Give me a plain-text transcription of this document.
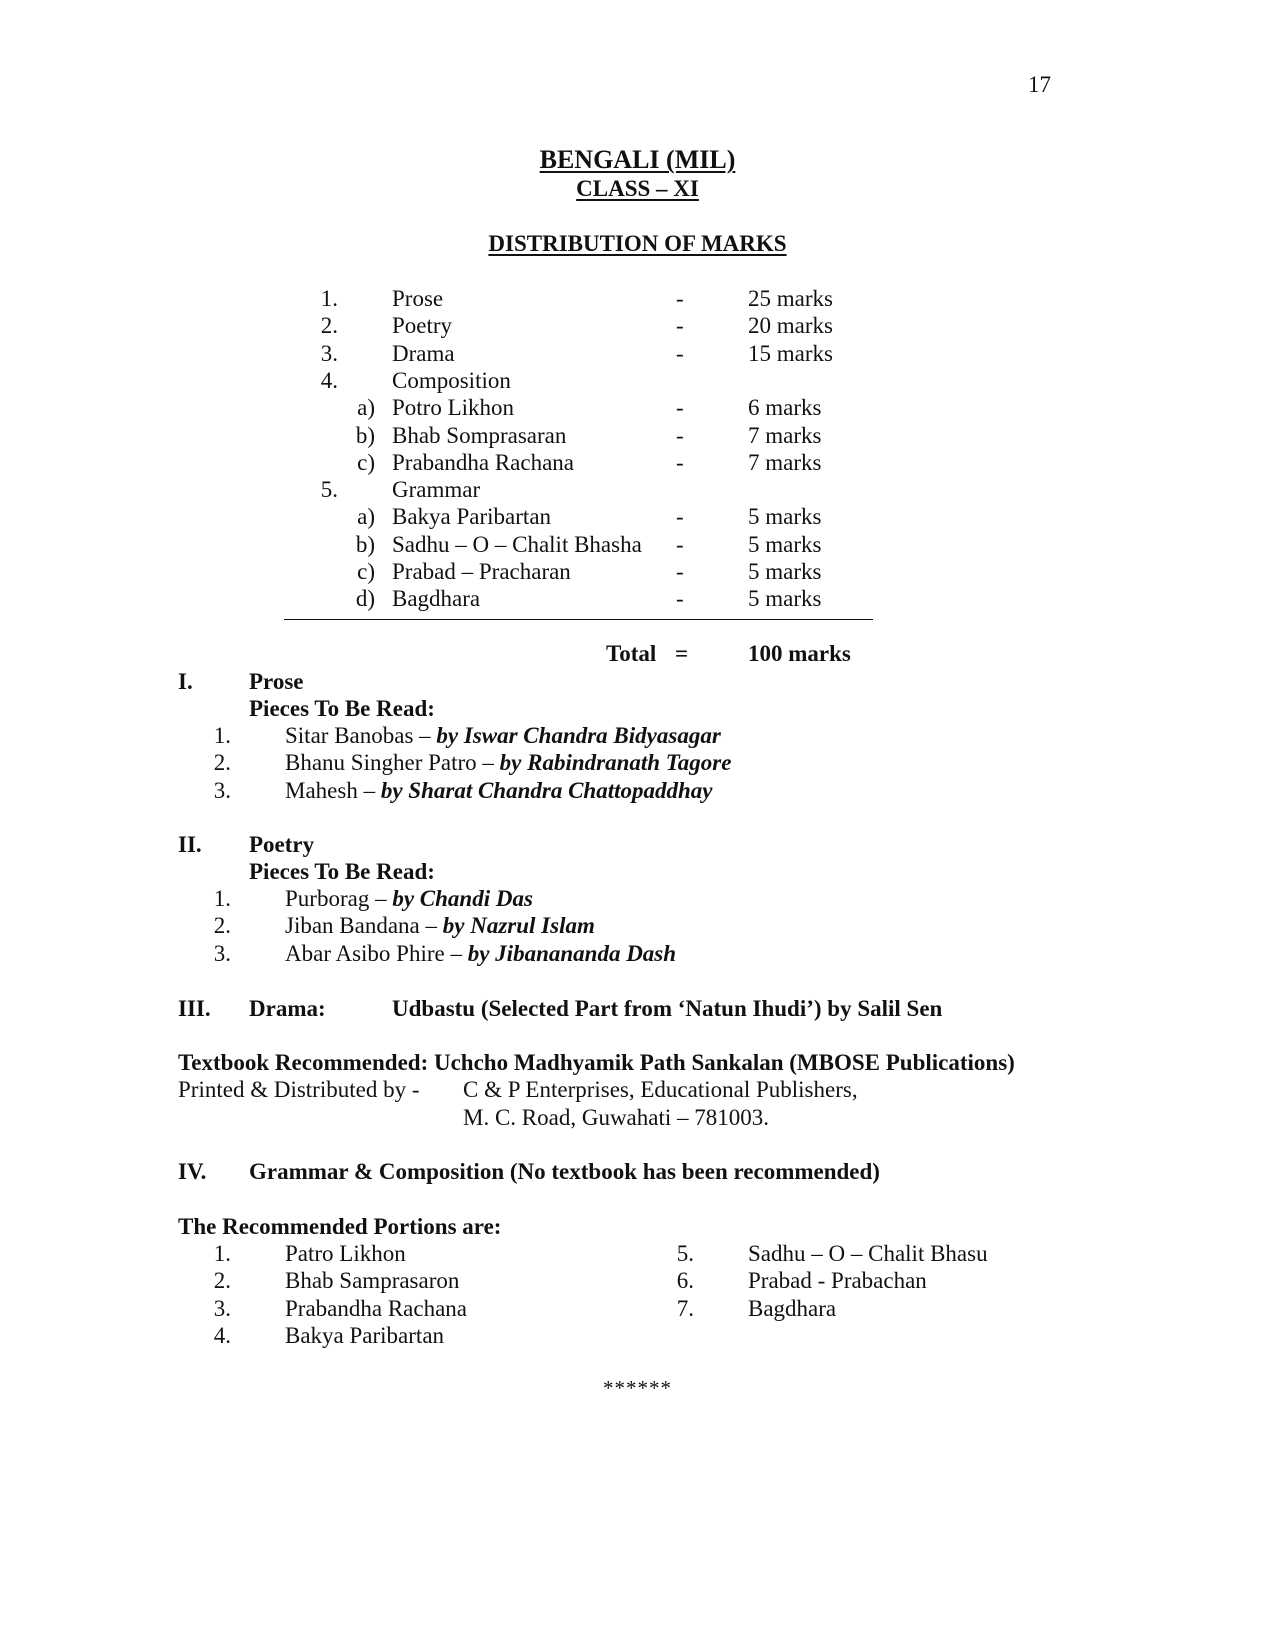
17
BENGALI (MIL)
CLASS – XI
DISTRIBUTION OF MARKS
1. Prose	-	25 marks
2. Poetry	-	20 marks
3. Drama	-	15 marks
4. Composition
a) Potro Likhon	-	6 marks
b) Bhab Somprasaran	-	7 marks
c) Prabandha Rachana	-	7 marks
5. Grammar
a) Bakya Paribartan	-	5 marks
b) Sadhu – O – Chalit Bhasha -	5 marks
c) Prabad – Pracharan	-	5 marks
d) Bagdhara	-	5 marks
Total =	100 marks
I. Prose
Pieces To Be Read:
1. Sitar Banobas – by Iswar Chandra Bidyasagar
2. Bhanu Singher Patro – by Rabindranath Tagore
3. Mahesh – by Sharat Chandra Chattopaddhay
II. Poetry
Pieces To Be Read:
1. Purborag – by Chandi Das
2. Jiban Bandana – by Nazrul Islam
3. Abar Asibo Phire – by Jibanananda Dash
III. Drama:	Udbastu (Selected Part from ‘Natun Ihudi’) by Salil Sen
Textbook Recommended: Uchcho Madhyamik Path Sankalan (MBOSE Publications)
Printed & Distributed by - C & P Enterprises, Educational Publishers,
M. C. Road, Guwahati – 781003.
IV. Grammar & Composition (No textbook has been recommended)
The Recommended Portions are:
1. Patro Likhon
2. Bhab Samprasaron
3. Prabandha Rachana
4. Bakya Paribartan
5. Sadhu – O – Chalit Bhasu
6. Prabad - Prabachan
7. Bagdhara
******
